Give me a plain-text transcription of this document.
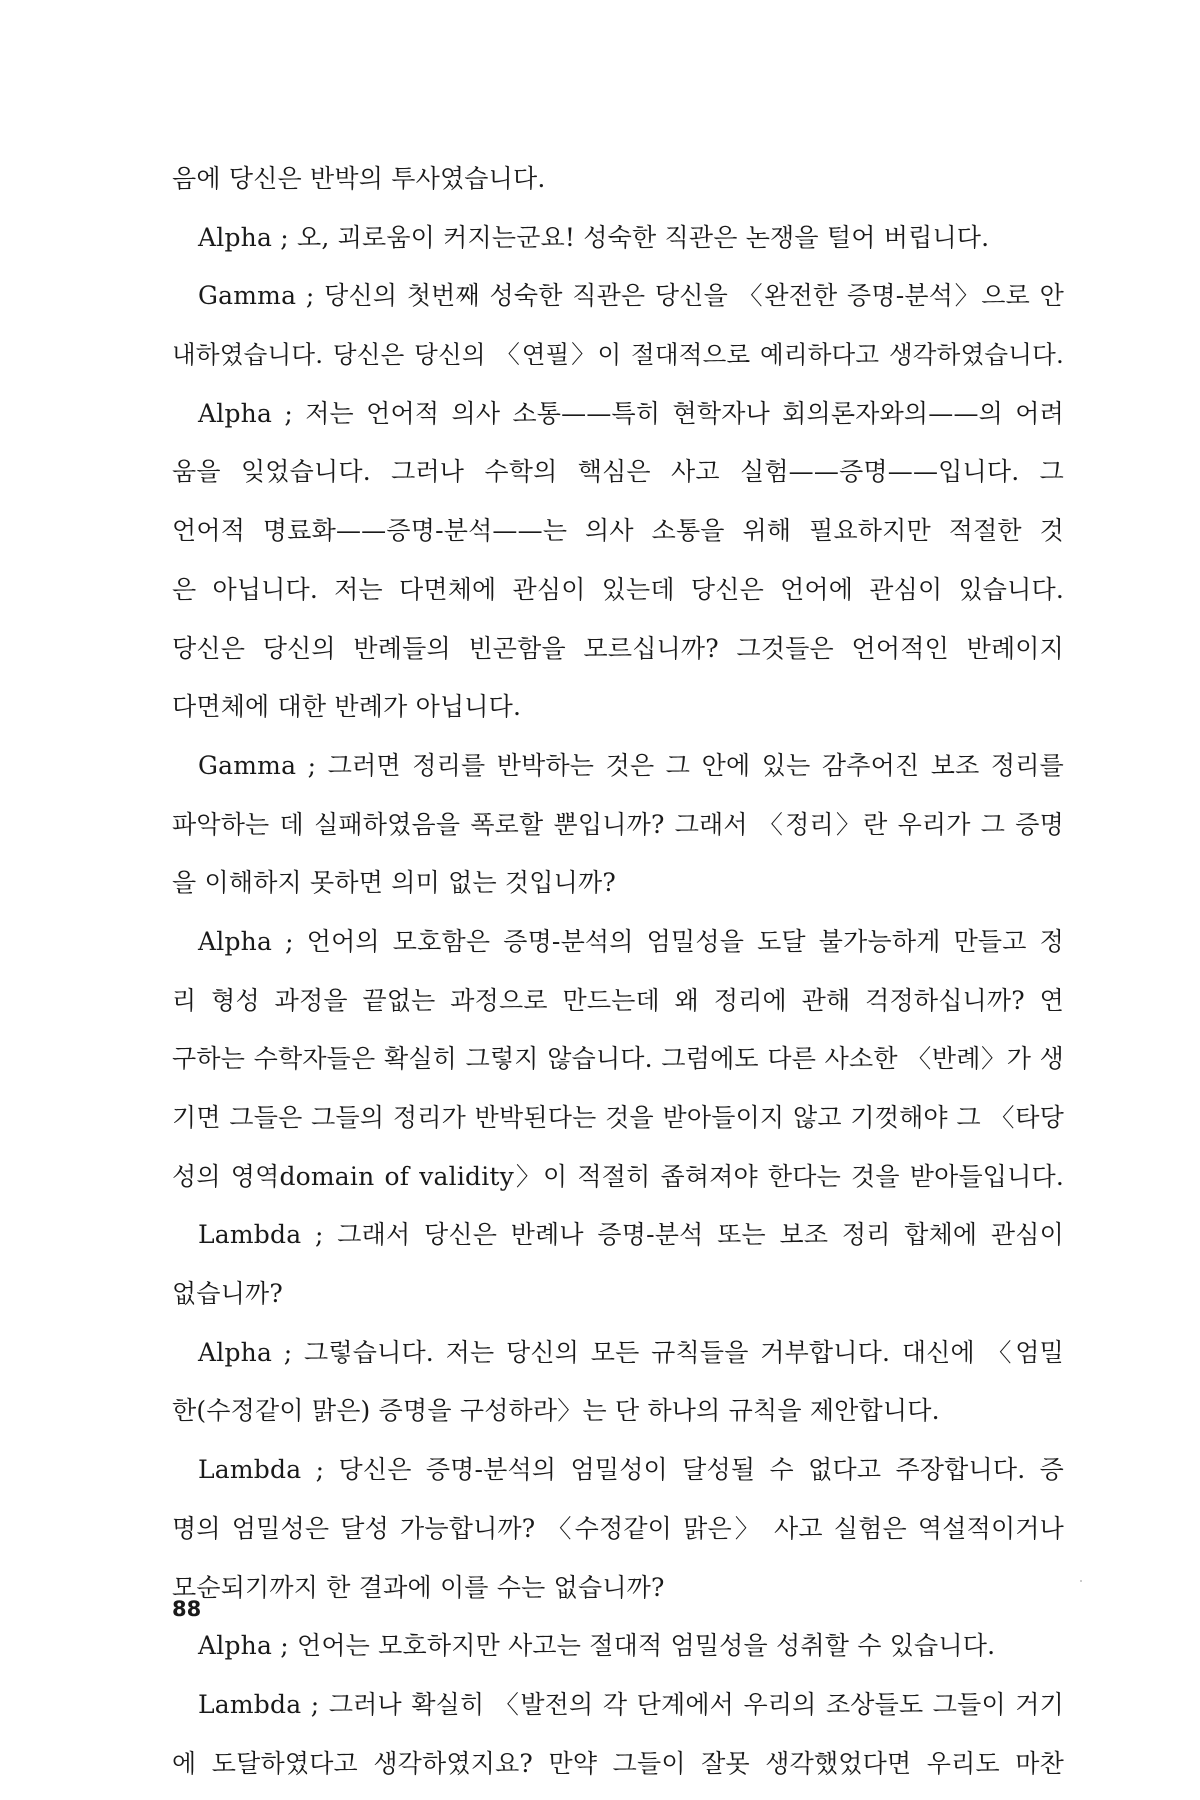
음에 당신은 반박의 투사였습니다.
Alpha ; 오, 괴로움이 커지는군요! 성숙한 직관은 논쟁을 털어 버립니다.
Gamma ; 당신의 첫번째 성숙한 직관은 당신을 〈완전한 증명-분석〉으로 안
내하였습니다. 당신은 당신의 〈연필〉이 절대적으로 예리하다고 생각하였습니다.
Alpha ; 저는 언어적 의사 소통——특히 현학자나 회의론자와의——의 어려
움을 잊었습니다. 그러나 수학의 핵심은 사고 실험——증명——입니다. 그
언어적 명료화——증명-분석——는 의사 소통을 위해 필요하지만 적절한 것
은 아닙니다. 저는 다면체에 관심이 있는데 당신은 언어에 관심이 있습니다.
당신은 당신의 반례들의 빈곤함을 모르십니까? 그것들은 언어적인 반례이지
다면체에 대한 반례가 아닙니다.
Gamma ; 그러면 정리를 반박하는 것은 그 안에 있는 감추어진 보조 정리를
파악하는 데 실패하였음을 폭로할 뿐입니까? 그래서 〈정리〉란 우리가 그 증명
을 이해하지 못하면 의미 없는 것입니까?
Alpha ; 언어의 모호함은 증명-분석의 엄밀성을 도달 불가능하게 만들고 정
리 형성 과정을 끝없는 과정으로 만드는데 왜 정리에 관해 걱정하십니까? 연
구하는 수학자들은 확실히 그렇지 않습니다. 그럼에도 다른 사소한 〈반례〉가 생
기면 그들은 그들의 정리가 반박된다는 것을 받아들이지 않고 기껏해야 그 〈타당
성의 영역domain of validity〉이 적절히 좁혀져야 한다는 것을 받아들입니다.
Lambda ; 그래서 당신은 반례나 증명-분석 또는 보조 정리 합체에 관심이
없습니까?
Alpha ; 그렇습니다. 저는 당신의 모든 규칙들을 거부합니다. 대신에 〈엄밀
한(수정같이 맑은) 증명을 구성하라〉는 단 하나의 규칙을 제안합니다.
Lambda ; 당신은 증명-분석의 엄밀성이 달성될 수 없다고 주장합니다. 증
명의 엄밀성은 달성 가능합니까? 〈수정같이 맑은〉 사고 실험은 역설적이거나
모순되기까지 한 결과에 이를 수는 없습니까?
Alpha ; 언어는 모호하지만 사고는 절대적 엄밀성을 성취할 수 있습니다.
Lambda ; 그러나 확실히 〈발전의 각 단계에서 우리의 조상들도 그들이 거기
에 도달하였다고 생각하였지요? 만약 그들이 잘못 생각했었다면 우리도 마찬
88
